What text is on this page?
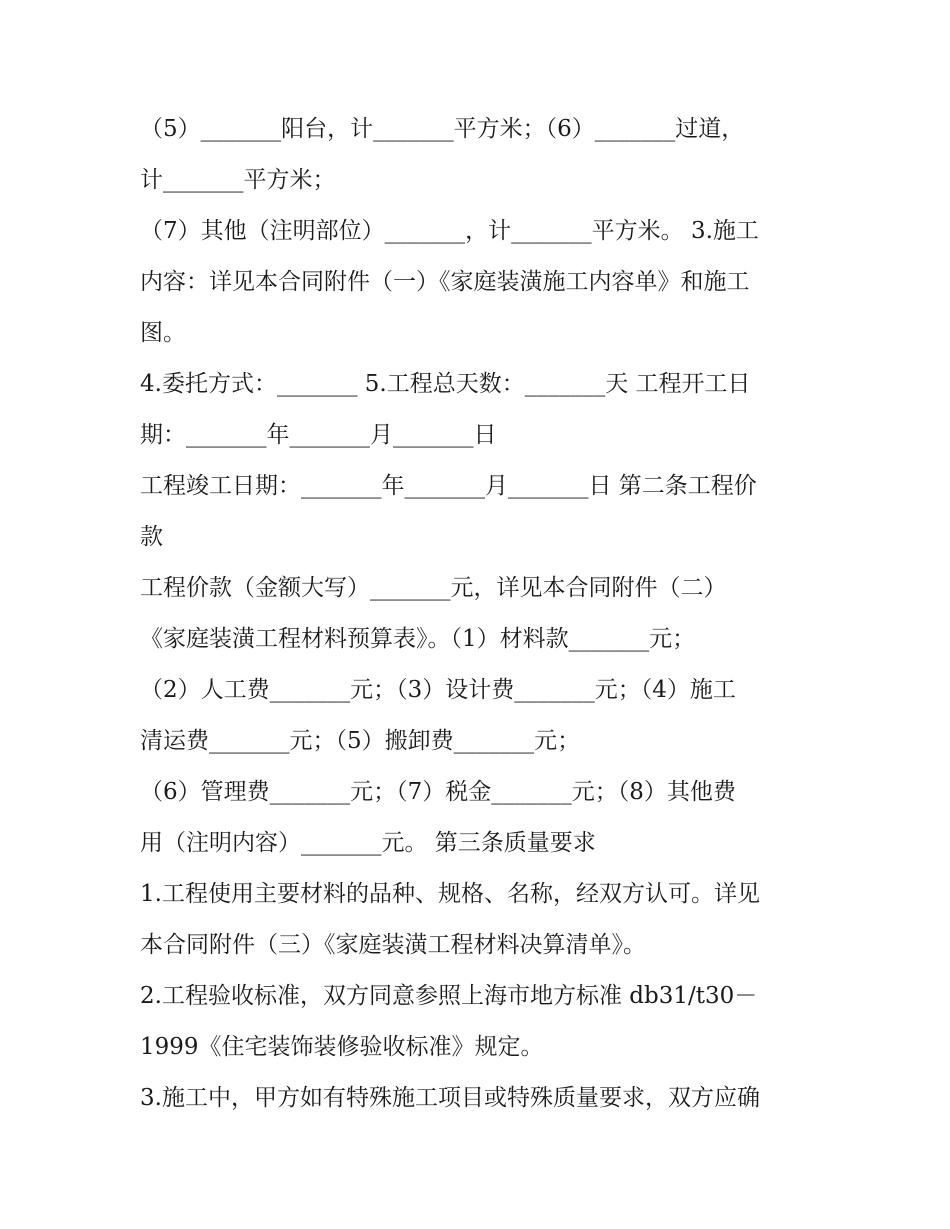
（5）_______阳台，计_______平方米；（6）_______过道，
计_______平方米；
（7）其他（注明部位）_______，计_______平方米。 3.施工
内容：详见本合同附件（一）《家庭装潢施工内容单》和施工
图。
4.委托方式：_______ 5.工程总天数：_______天 工程开工日
期：_______年_______月_______日
工程竣工日期：_______年_______月_______日 第二条工程价
款
工程价款（金额大写）_______元，详见本合同附件（二）
《家庭装潢工程材料预算表》。（1）材料款_______元；
（2）人工费_______元；（3）设计费_______元；（4）施工
清运费_______元；（5）搬卸费_______元；
（6）管理费_______元；（7）税金_______元；（8）其他费
用（注明内容）_______元。 第三条质量要求
1.工程使用主要材料的品种、规格、名称，经双方认可。详见
本合同附件（三）《家庭装潢工程材料决算清单》。
2.工程验收标准，双方同意参照上海市地方标准 db31/t30－
1999《住宅装饰装修验收标准》规定。
3.施工中，甲方如有特殊施工项目或特殊质量要求，双方应确
